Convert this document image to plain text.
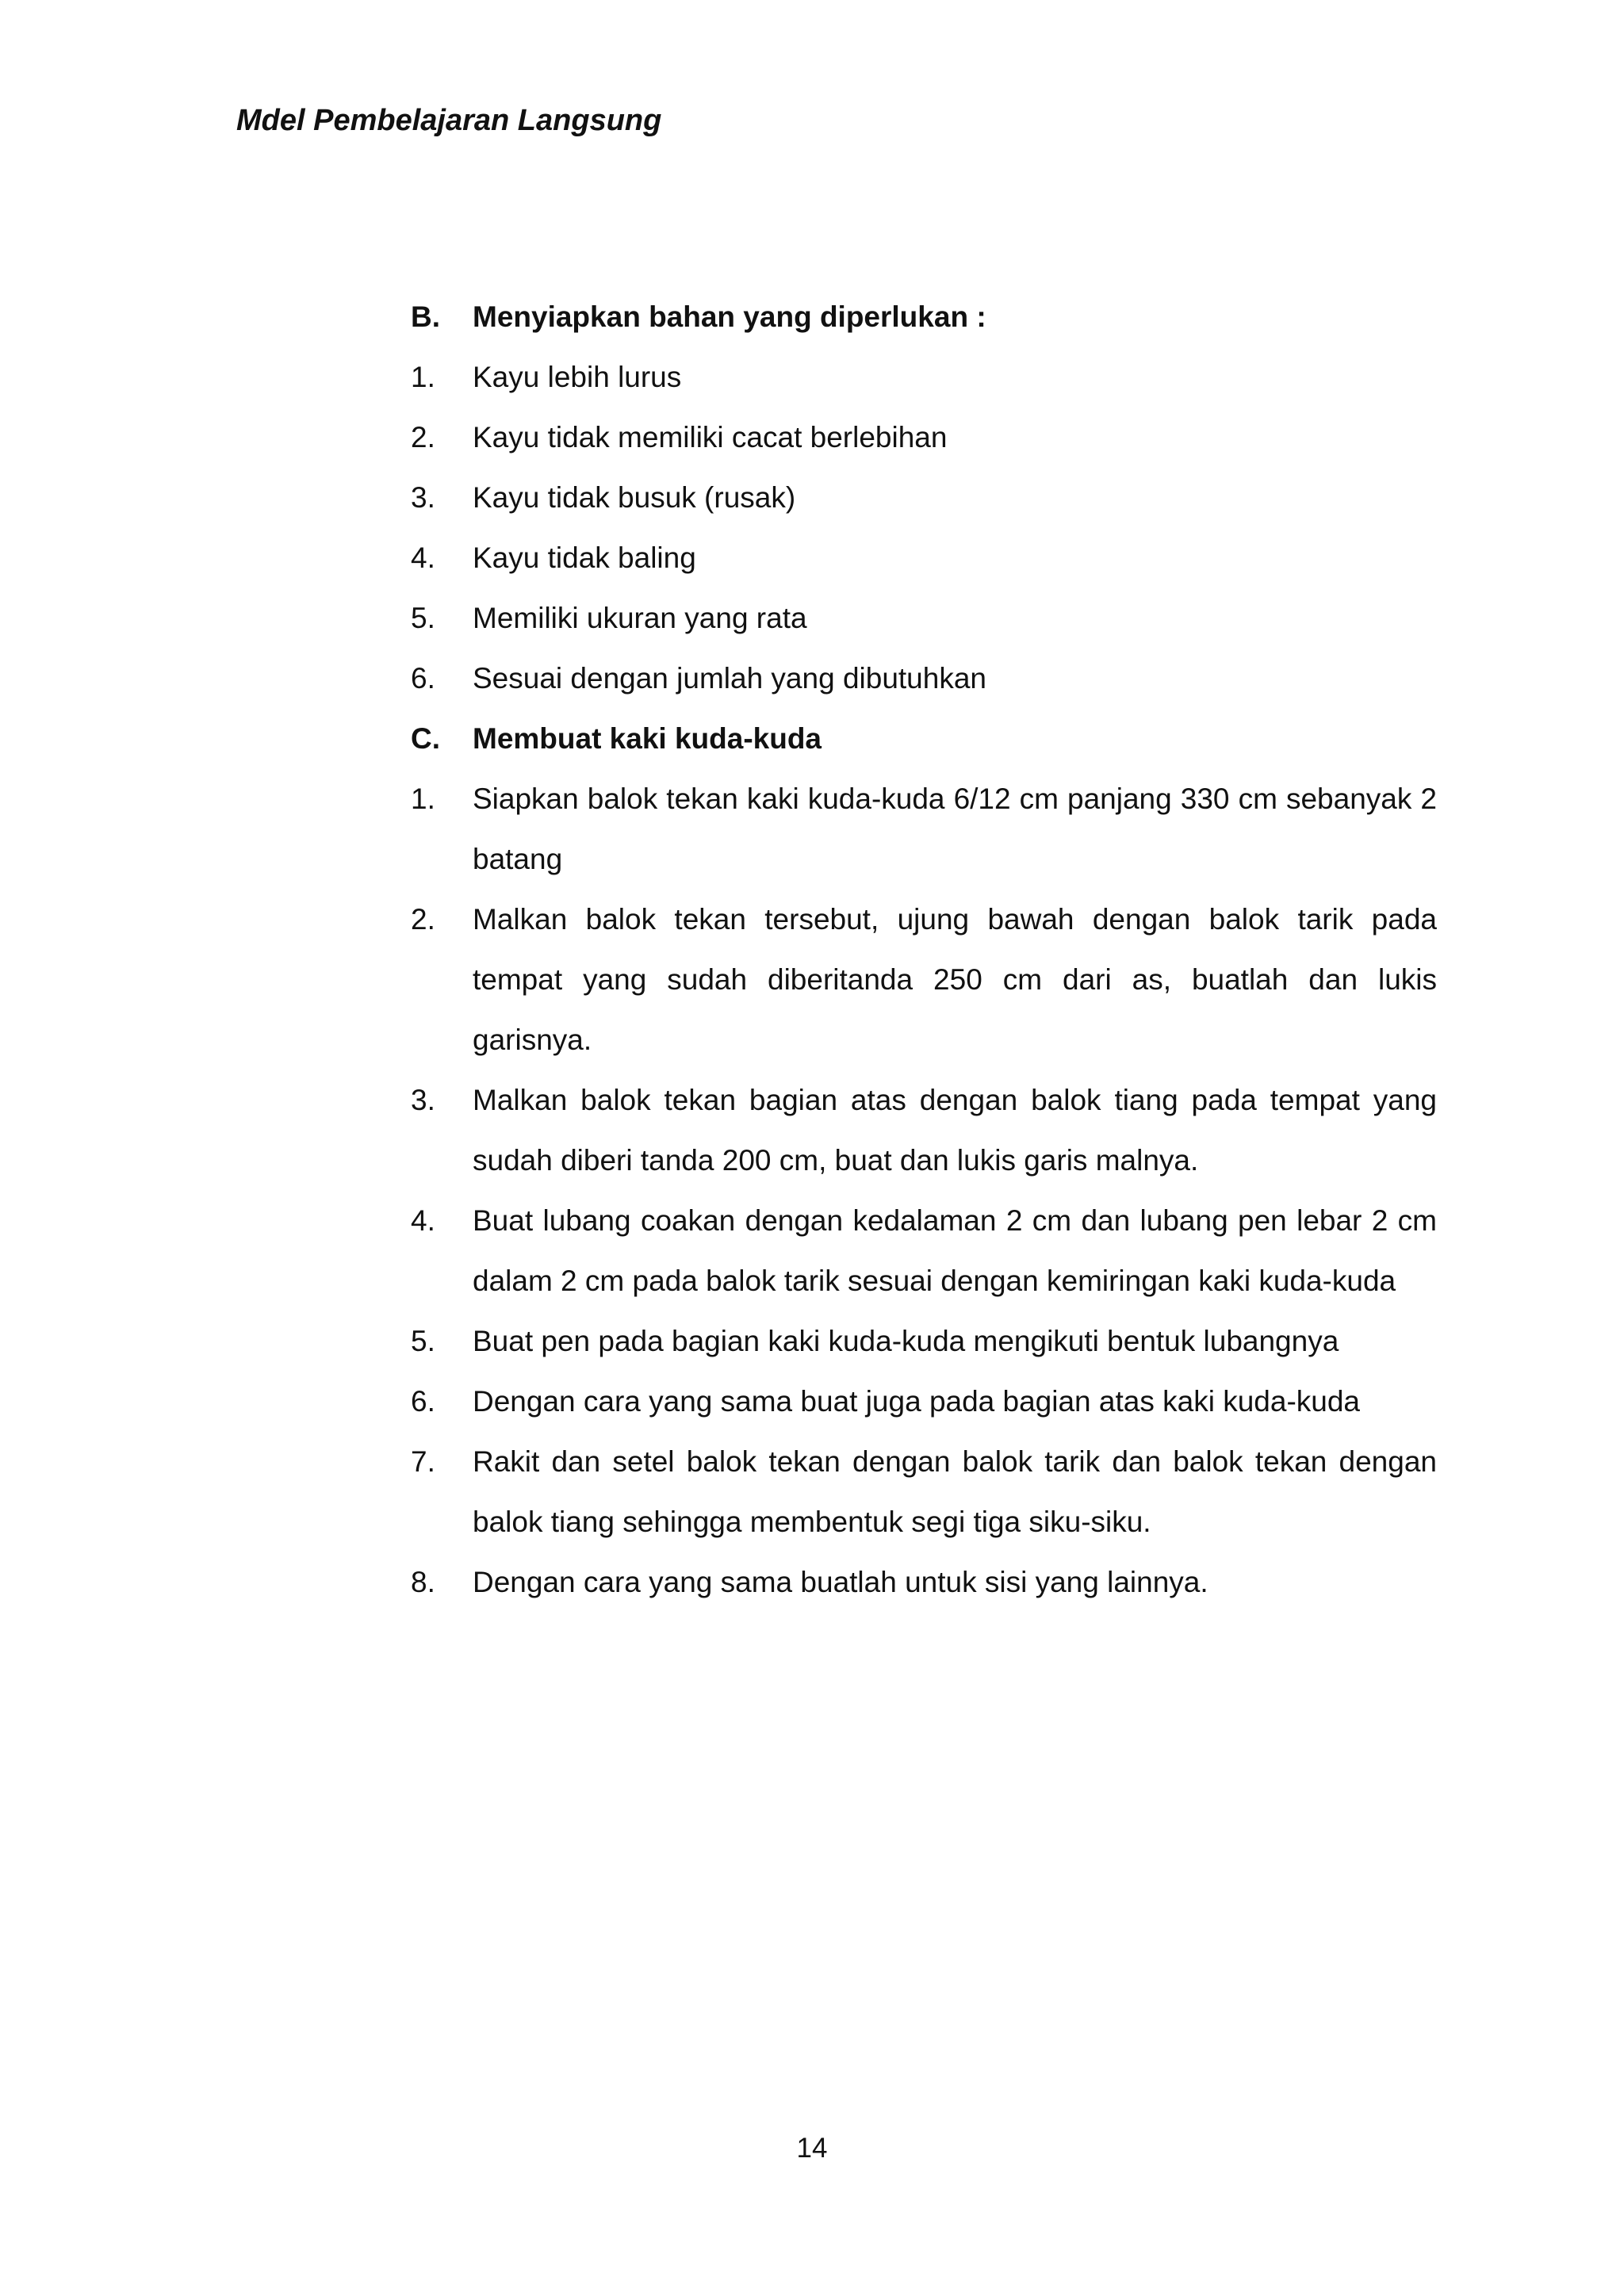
Mdel Pembelajaran Langsung
B.	Menyiapkan bahan yang diperlukan :
1.	Kayu lebih lurus
2.	Kayu tidak memiliki cacat berlebihan
3.	Kayu tidak busuk (rusak)
4.	Kayu tidak baling
5.	Memiliki ukuran yang rata
6.	Sesuai dengan jumlah yang dibutuhkan
C.	Membuat kaki kuda-kuda
1.	Siapkan balok tekan kaki kuda-kuda 6/12 cm panjang 330 cm sebanyak 2 batang
2.	Malkan balok tekan tersebut, ujung bawah dengan balok tarik pada tempat yang sudah diberitanda 250 cm dari as, buatlah dan lukis garisnya.
3.	Malkan balok tekan bagian atas dengan balok tiang pada tempat yang sudah diberi tanda 200 cm, buat dan lukis garis malnya.
4.	Buat lubang coakan dengan kedalaman 2 cm dan lubang pen lebar 2 cm dalam 2 cm pada balok tarik sesuai dengan kemiringan kaki kuda-kuda
5.	Buat pen pada bagian kaki kuda-kuda mengikuti bentuk lubangnya
6.	Dengan cara yang sama buat juga pada bagian atas kaki kuda-kuda
7.	Rakit dan setel balok tekan dengan balok tarik dan balok tekan dengan balok tiang sehingga membentuk segi tiga siku-siku.
8.	Dengan cara yang sama buatlah untuk sisi yang lainnya.
14
